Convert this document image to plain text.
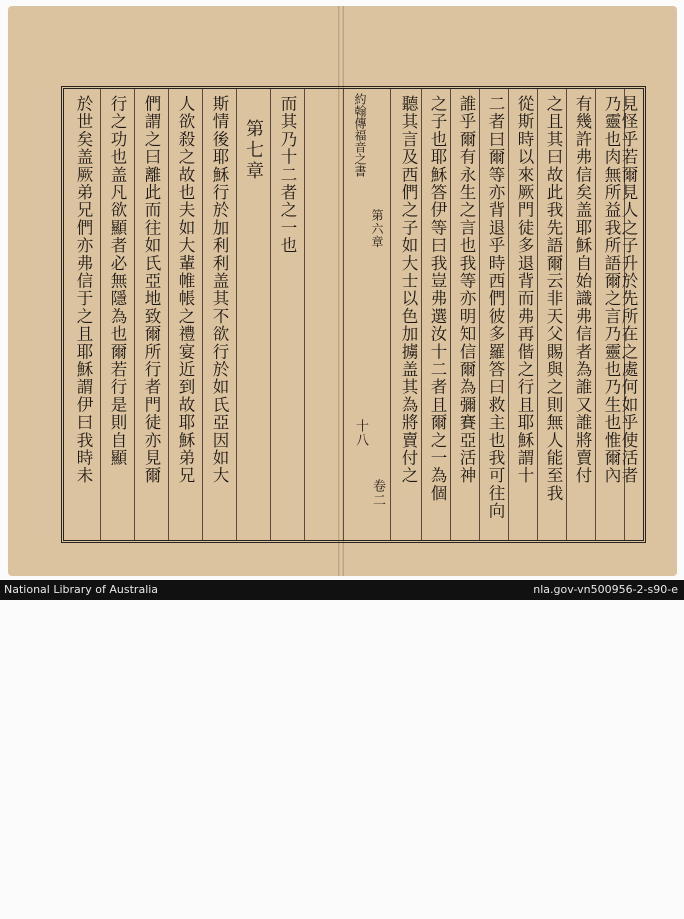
於世矣盖厥弟兄們亦弗信于之且耶穌謂伊曰我時未 行之功也盖凡欲顯者必無隱為也爾若行是則自顯 們謂之曰離此而往如氏亞地致爾所行者門徒亦見爾 人欲殺之故也夫如大輩帷帳之禮宴近到故耶穌弟兄 斯情後耶穌行於加利利盖其不欲行於如氏亞因如大 第七章 而其乃十二者之一也	約翰傳福音之書
第六章
十八
卷二
聽其言及西們之子如大士以色加擄盖其為將賣付之 之子也耶穌答伊等曰我豈弗選汝十二者且爾之一為個 誰乎爾有永生之言也我等亦明知信爾為彌賽亞活神 二者曰爾等亦背退乎時西們彼多羅答曰救主也我可往向 從斯時以來厥門徒多退背而弗再偕之行且耶穌謂十 之且其曰故此我先語爾云非天父賜與之則無人能至我 有幾許弗信矣盖耶穌自始識弗信者為誰又誰將賣付 乃靈也肉無所益我所語爾之言乃靈也乃生也惟爾內
見怪乎若爾見人之子升於先所在之處何如乎使活者
National Library of Australia	nla.gov-vn500956-2-s90-e
